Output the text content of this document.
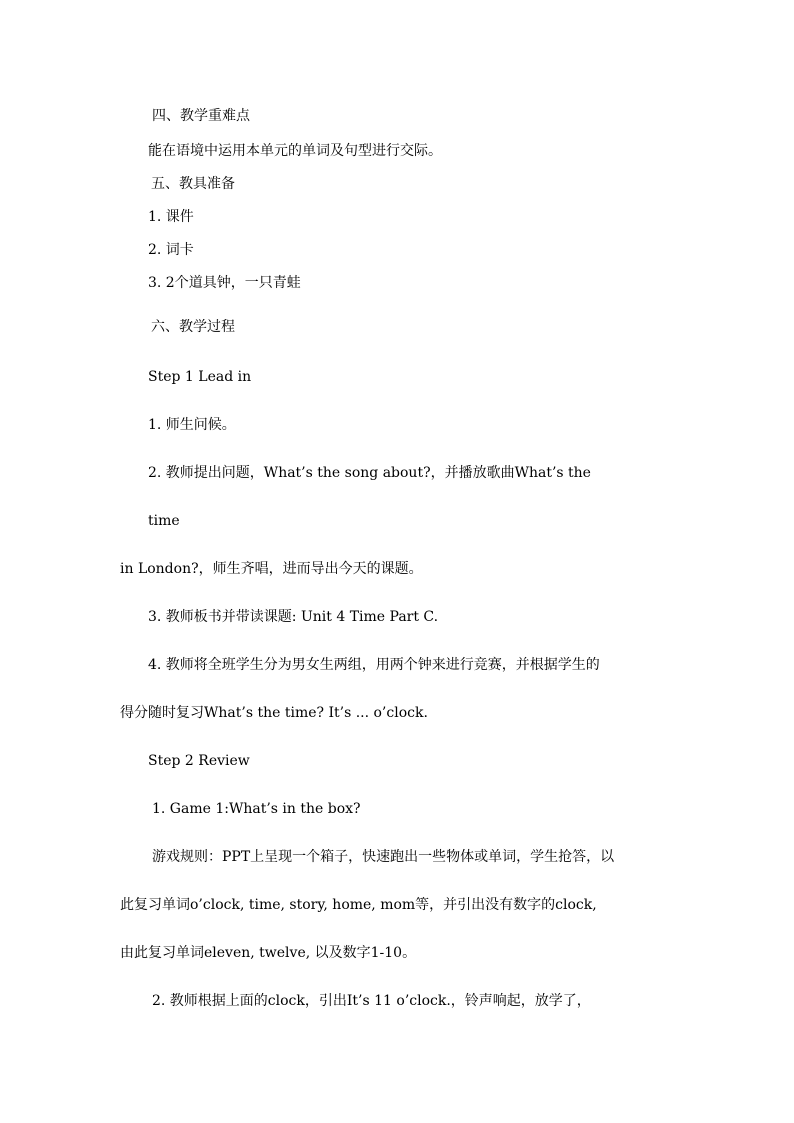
四、教学重难点
能在语境中运用本单元的单词及句型进行交际。
五、教具准备
1. 课件
2. 词卡
3. 2个道具钟，一只青蛙
六、教学过程
Step 1 Lead in
1. 师生问候。
2. 教师提出问题，What’s the song about?，并播放歌曲What’s the
time
in London?，师生齐唱，进而导出今天的课题。
3. 教师板书并带读课题: Unit 4 Time Part C.
4. 教师将全班学生分为男女生两组，用两个钟来进行竞赛，并根据学生的
得分随时复习What’s the time? It’s ... o’clock.
Step 2 Review
1. Game 1:What’s in the box?
游戏规则：PPT上呈现一个箱子，快速跑出一些物体或单词，学生抢答，以
此复习单词o’clock, time, story, home, mom等，并引出没有数字的clock,
由此复习单词eleven, twelve, 以及数字1-10。
2. 教师根据上面的clock，引出It’s 11 o’clock.，铃声响起，放学了，
